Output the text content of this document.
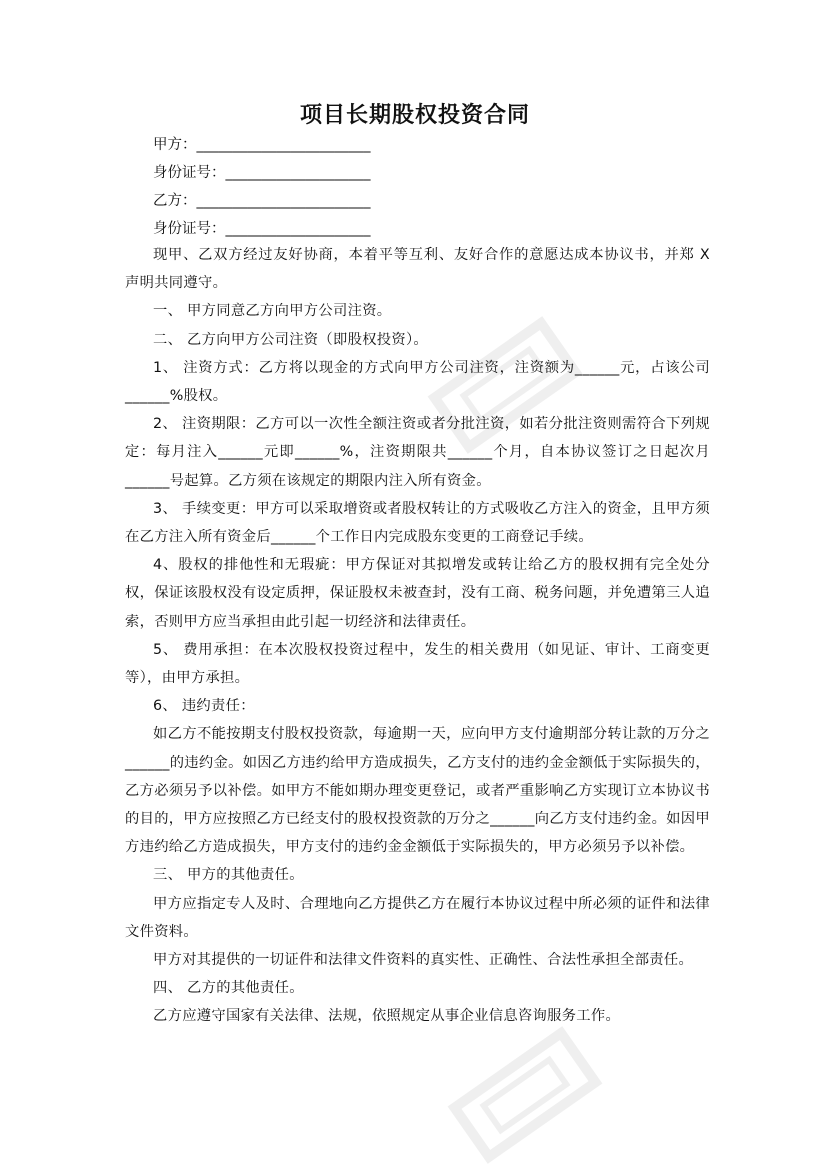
项目长期股权投资合同
甲方：________________________
身份证号：____________________
乙方：________________________
身份证号：____________________

现甲、乙双方经过友好协商，本着平等互利、友好合作的意愿达成本协议书，并郑 X 声明共同遵守。

一、 甲方同意乙方向甲方公司注资。

二、 乙方向甲方公司注资（即股权投资）。

1、 注资方式：乙方将以现金的方式向甲方公司注资，注资额为______元，占该公司______%股权。

2、 注资期限：乙方可以一次性全额注资或者分批注资，如若分批注资则需符合下列规定：每月注入______元即______%，注资期限共______个月，自本协议签订之日起次月______号起算。乙方须在该规定的期限内注入所有资金。

3、 手续变更：甲方可以采取增资或者股权转让的方式吸收乙方注入的资金，且甲方须在乙方注入所有资金后______个工作日内完成股东变更的工商登记手续。

4、股权的排他性和无瑕疵：甲方保证对其拟增发或转让给乙方的股权拥有完全处分权，保证该股权没有设定质押，保证股权未被查封，没有工商、税务问题，并免遭第三人追索，否则甲方应当承担由此引起一切经济和法律责任。

5、 费用承担：在本次股权投资过程中，发生的相关费用（如见证、审计、工商变更等），由甲方承担。

6、 违约责任：

如乙方不能按期支付股权投资款，每逾期一天，应向甲方支付逾期部分转让款的万分之______的违约金。如因乙方违约给甲方造成损失，乙方支付的违约金金额低于实际损失的，乙方必须另予以补偿。如甲方不能如期办理变更登记，或者严重影响乙方实现订立本协议书的目的，甲方应按照乙方已经支付的股权投资款的万分之______向乙方支付违约金。如因甲方违约给乙方造成损失，甲方支付的违约金金额低于实际损失的，甲方必须另予以补偿。

三、 甲方的其他责任。

甲方应指定专人及时、合理地向乙方提供乙方在履行本协议过程中所必须的证件和法律文件资料。

甲方对其提供的一切证件和法律文件资料的真实性、正确性、合法性承担全部责任。

四、 乙方的其他责任。

乙方应遵守国家有关法律、法规，依照规定从事企业信息咨询服务工作。
